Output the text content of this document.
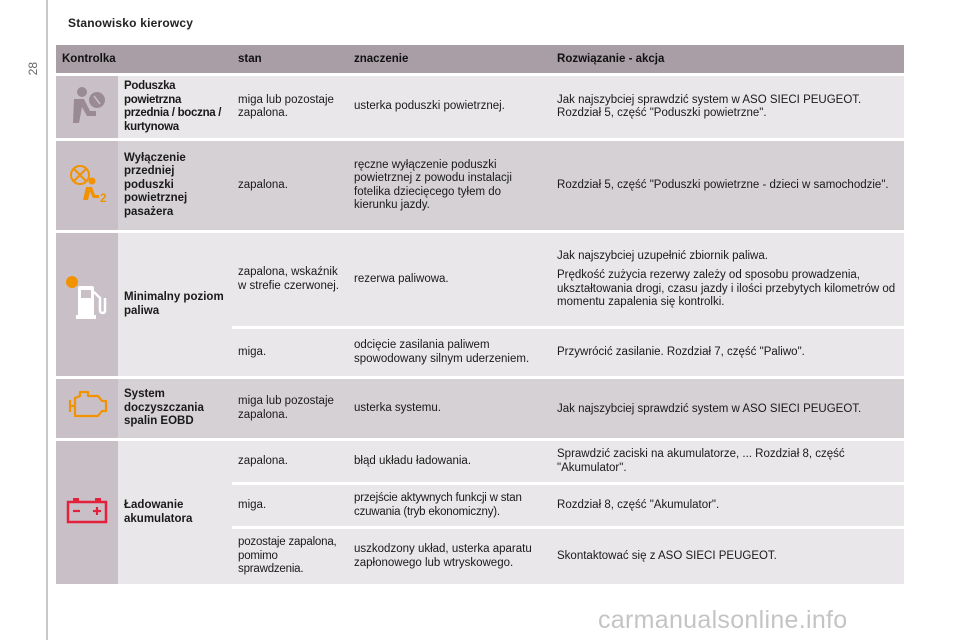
28
Stanowisko kierowcy
Kontrolka		stan	znaczenie	Rozwiązanie - akcja
	Poduszka powietrzna przednia / boczna / kurtynowa	miga lub pozostaje zapalona.	usterka poduszki powietrznej.	Jak najszybciej sprawdzić system w ASO SIECI PEUGEOT. Rozdział 5, część "Poduszki powietrzne".

2	Wyłączenie przedniej poduszki powietrznej pasażera	zapalona.	ręczne wyłączenie poduszki powietrznej z powodu instalacji fotelika dziecięcego tyłem do kierunku jazdy.	Rozdział 5, część "Poduszki powietrzne - dzieci w samochodzie".
	Minimalny poziom paliwa	zapalona, wskaźnik w strefie czerwonej.	rezerwa paliwowa.	Jak najszybciej uzupełnić zbiornik paliwa.
Prędkość zużycia rezerwy zależy od sposobu prowadzenia, ukształtowania drogi, czasu jazdy i ilości przebytych kilometrów od momentu zapalenia się kontrolki.

		miga.	odcięcie zasilania paliwem spowodowany silnym uderzeniem.	Przywrócić zasilanie. Rozdział 7, część "Paliwo".
	System doczyszczania spalin EOBD	miga lub pozostaje zapalona.	usterka systemu.	Jak najszybciej sprawdzić system w ASO SIECI PEUGEOT.
	Ładowanie akumulatora	zapalona.	błąd układu ładowania.	Sprawdzić zaciski na akumulatorze, ... Rozdział 8, część "Akumulator".
		miga.	przejście aktywnych funkcji w stan czuwania (tryb ekonomiczny).	Rozdział 8, część "Akumulator".
		pozostaje zapalona, pomimo sprawdzenia.	uszkodzony układ, usterka aparatu zapłonowego lub wtryskowego.	Skontaktować się z ASO SIECI PEUGEOT.
carmanualsonline.info
